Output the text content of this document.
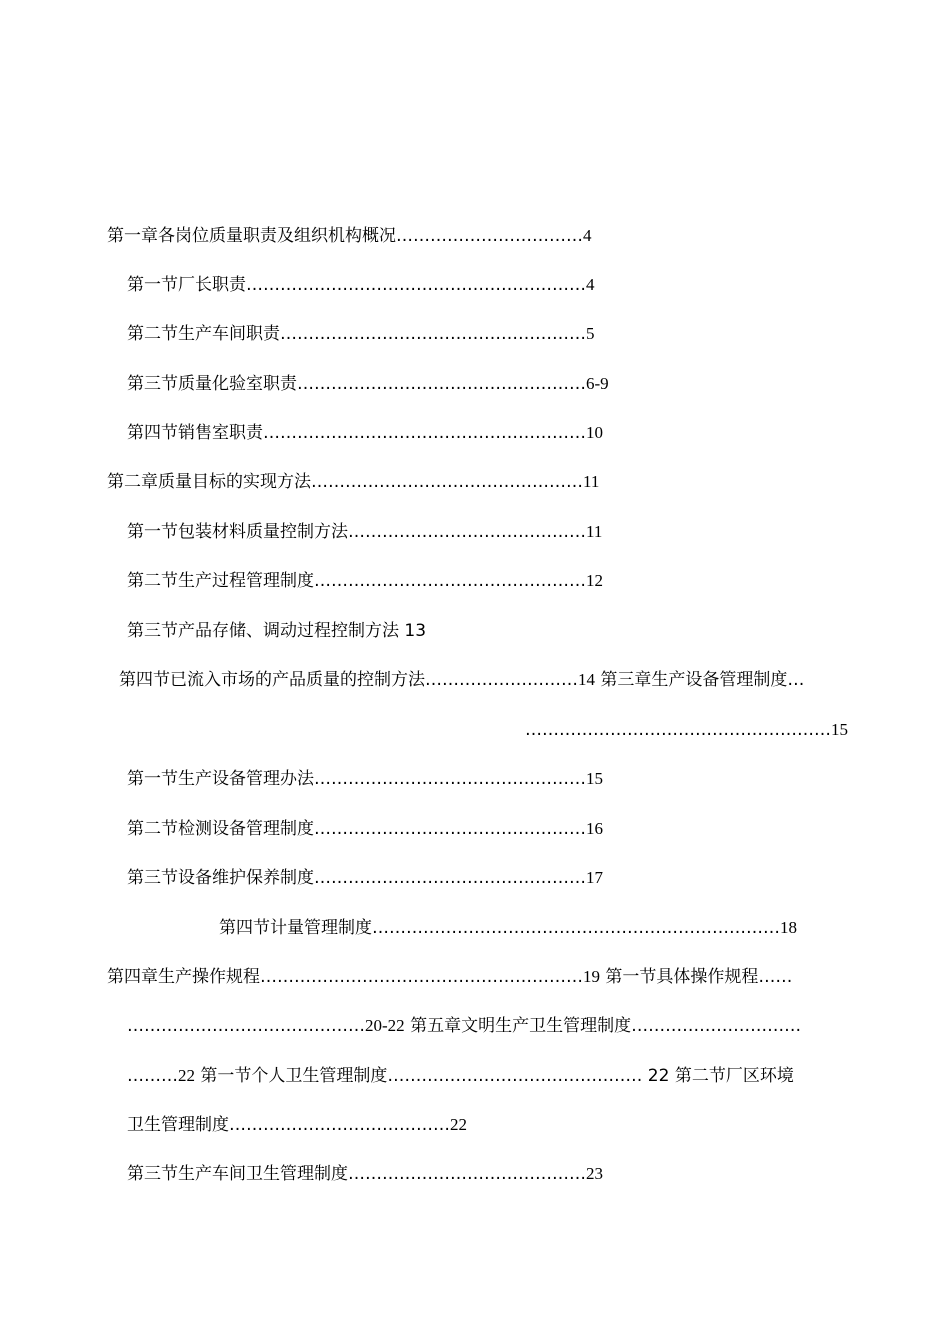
第一章各岗位质量职责及组织机构概况……………………………4
第一节厂长职责……………………………………………………4
第二节生产车间职责………………………………………………5
第三节质量化验室职责……………………………………………6-9
第四节销售室职责…………………………………………………10
第二章质量目标的实现方法…………………………………………11
第一节包装材料质量控制方法……………………………………11
第二节生产过程管理制度…………………………………………12
第三节产品存储、调动过程控制方法 13
第四节已流入市场的产品质量的控制方法………………………14 第三章生产设备管理制度…
………………………………………………15
第一节生产设备管理办法…………………………………………15
第二节检测设备管理制度…………………………………………16
第三节设备维护保养制度…………………………………………17
第四节计量管理制度………………………………………………………………18
第四章生产操作规程…………………………………………………19 第一节具体操作规程……
……………………………………20-22 第五章文明生产卫生管理制度…………………………
………22 第一节个人卫生管理制度……………………………………… 22 第二节厂区环境
卫生管理制度…………………………………22
第三节生产车间卫生管理制度……………………………………23
